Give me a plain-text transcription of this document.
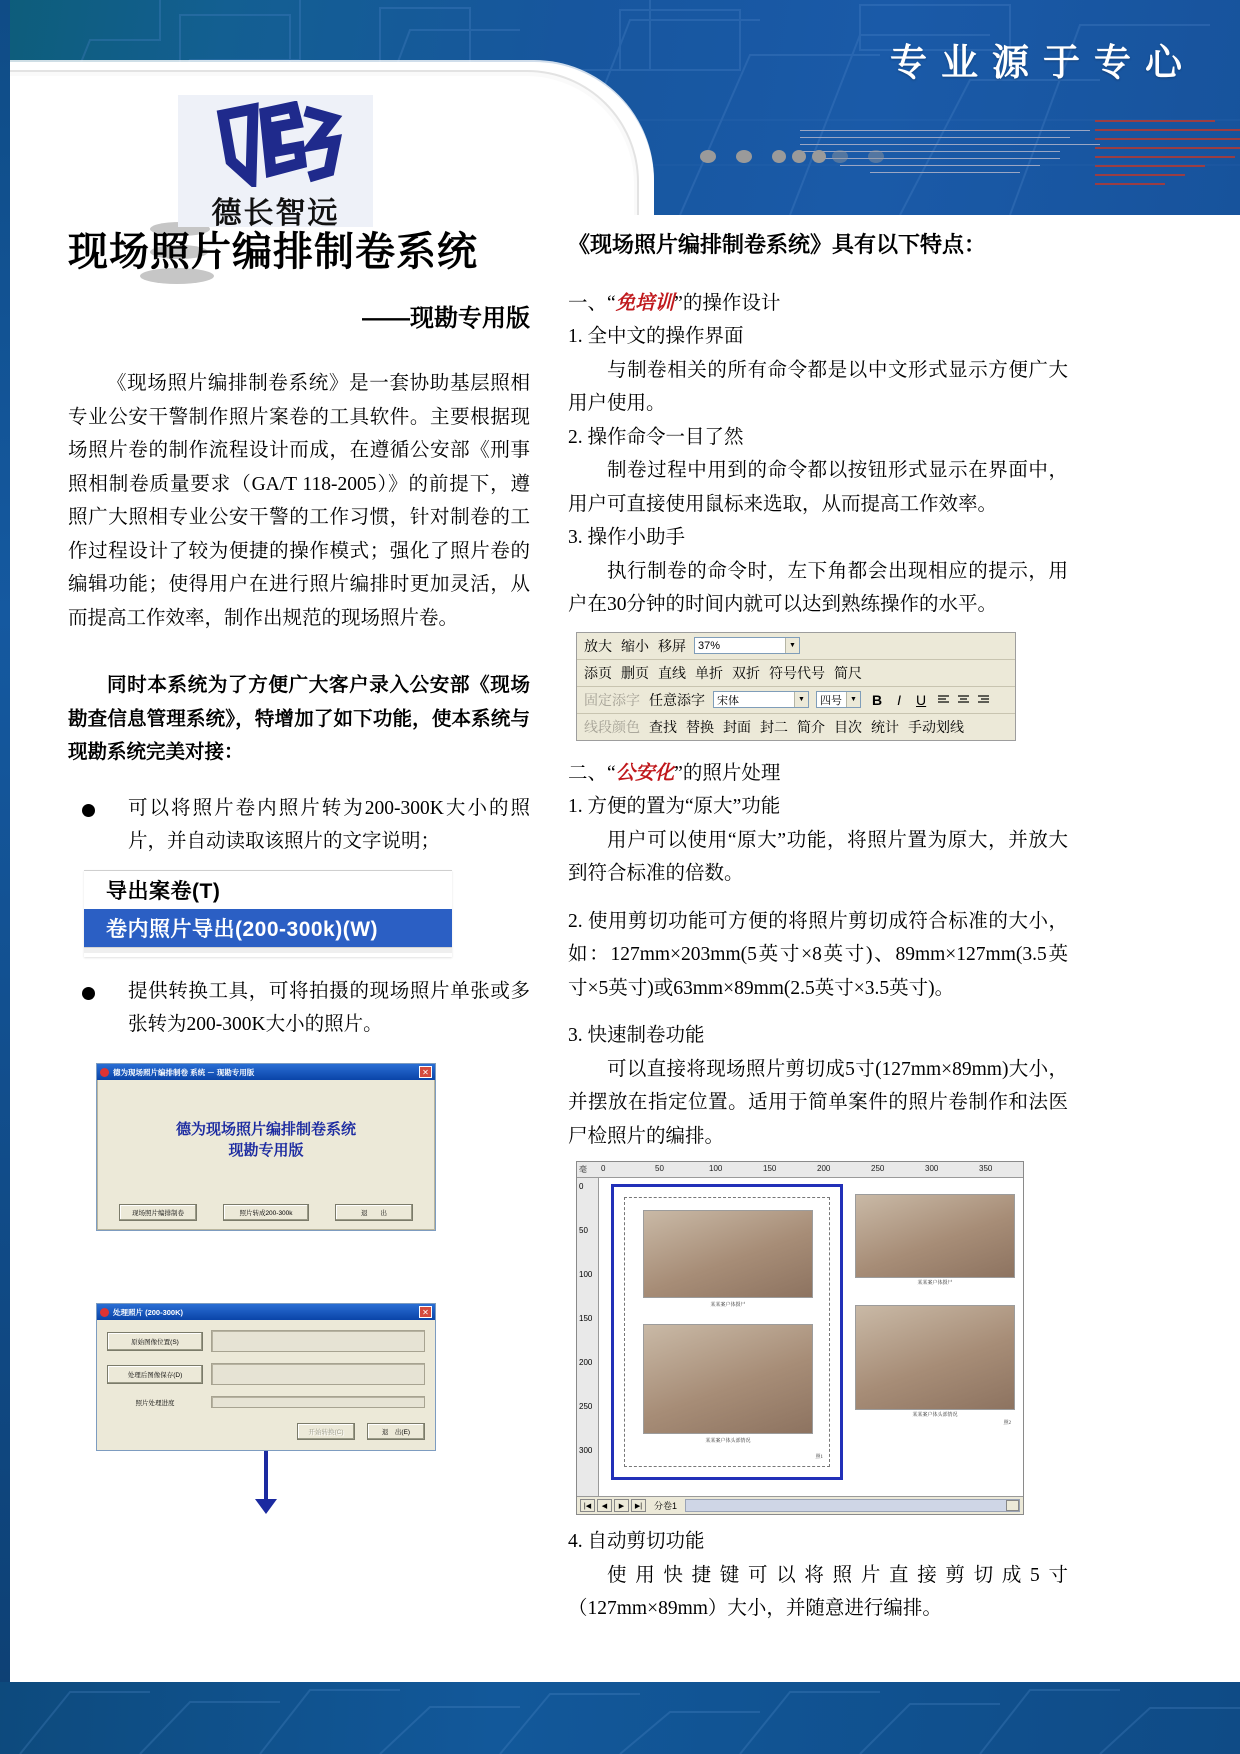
专业源于专心
德长智远
现场照片编排制卷系统
——现勘专用版

《现场照片编排制卷系统》是一套协助基层照相专业公安干警制作照片案卷的工具软件。主要根据现场照片卷的制作流程设计而成，在遵循公安部《刑事照相制卷质量要求（GA/T 118-2005）》的前提下，遵照广大照相专业公安干警的工作习惯，针对制卷的工作过程设计了较为便捷的操作模式；强化了照片卷的编辑功能；使得用户在进行照片编排时更加灵活，从而提高工作效率，制作出规范的现场照片卷。

同时本系统为了方便广大客户录入公安部《现场勘查信息管理系统》，特增加了如下功能，使本系统与现勘系统完美对接：

可以将照片卷内照片转为200-300K大小的照片，并自动读取该照片的文字说明；
导出案卷(T)
卷内照片导出(200-300k)(W)
提供转换工具，可将拍摄的现场照片单张或多张转为200-300K大小的照片。
德为现场照片编排制卷 系统 － 现勘专用版	✕
德为现场照片编排制卷系统
现勘专用版
现场照片编排制卷	照片转成200-300k	退　　出
处理照片 (200-300K)	✕
原始图像位置(S)
处理后图像保存(D)
照片处理进度
开始转换(C)	退　出(E)
《现场照片编排制卷系统》具有以下特点：

一、“免培训”的操作设计

1. 全中文的操作界面

与制卷相关的所有命令都是以中文形式显示方便广大用户使用。

2. 操作命令一目了然

制卷过程中用到的命令都以按钮形式显示在界面中，用户可直接使用鼠标来选取，从而提高工作效率。

3. 操作小助手

执行制卷的命令时，左下角都会出现相应的提示，用户在30分钟的时间内就可以达到熟练操作的水平。

放大 缩小 移屏 37%	▼
添页 删页 直线 单折 双折 符号代号 简尺
固定添字 任意添字 宋体	▼ 四号	▼ B I U
线段颜色 查找 替换 封面 封二 简介 目次 统计 手动划线

二、“公安化”的照片处理

1. 方便的置为“原大”功能

用户可以使用“原大”功能，将照片置为原大，并放大到符合标准的倍数。

2. 使用剪切功能可方便的将照片剪切成符合标准的大小，如：127mm×203mm(5英寸×8英寸)、89mm×127mm(3.5英寸×5英寸)或63mm×89mm(2.5英寸×3.5英寸)。

3. 快速制卷功能

可以直接将现场照片剪切成5寸(127mm×89mm)大小，并摆放在指定位置。适用于简单案件的照片卷制作和法医尸检照片的编排。

毫 0	50	100	150	200	250	300	350
0
50
100
150
200
250
300
某某案户体摄尸
某某案户体头部情况
照1
某某案户体摄尸
某某案户体头部情况
照2
|◀	◀	▶	▶|	分卷1

4. 自动剪切功能

使用快捷键可以将照片直接剪切成5寸（127mm×89mm）大小，并随意进行编排。
